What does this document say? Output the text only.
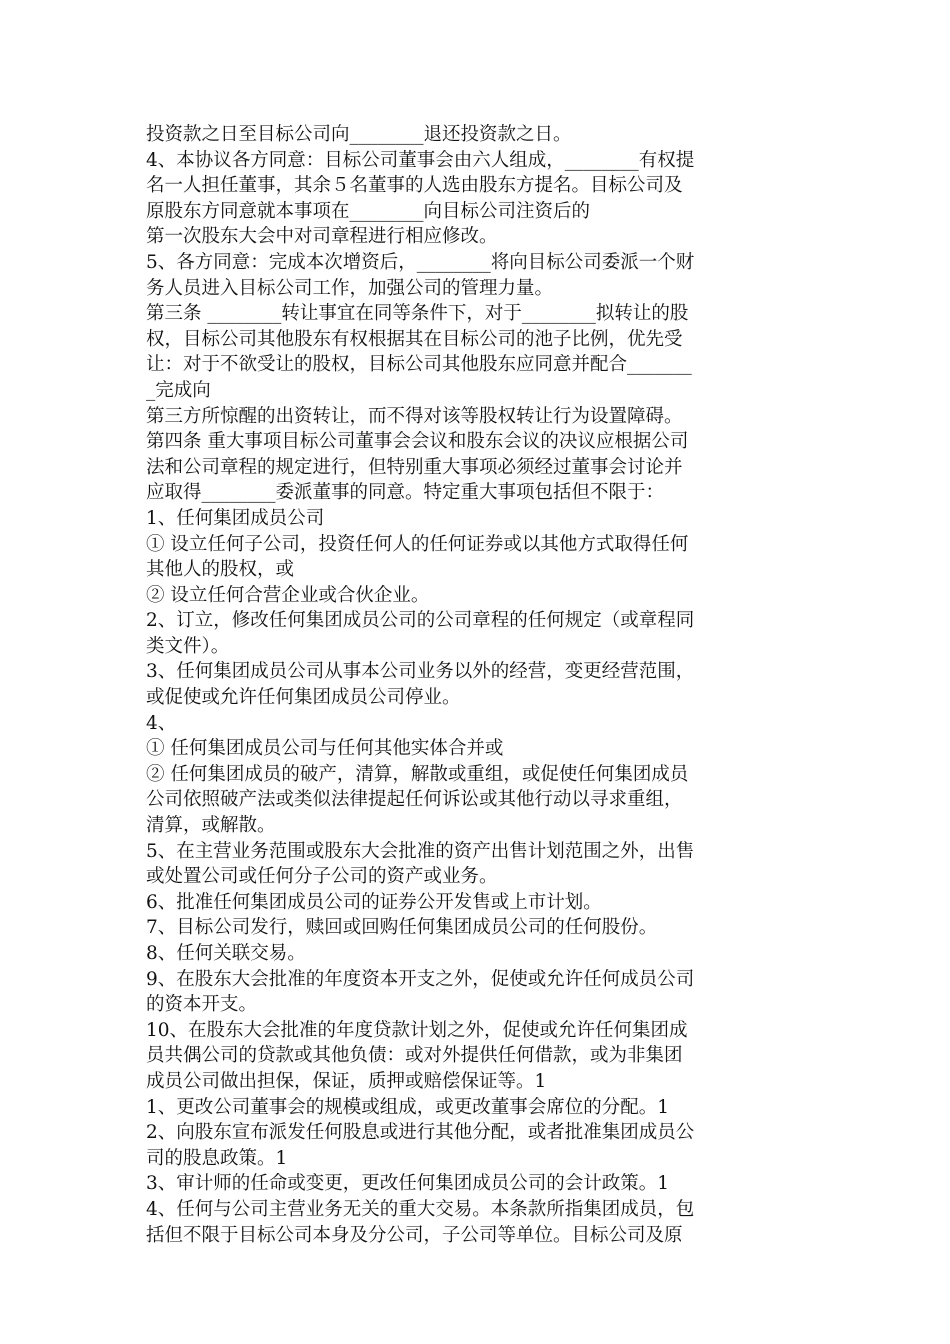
投资款之日至目标公司向________退还投资款之日。
4、本协议各方同意：目标公司董事会由六人组成，________有权提
名一人担任董事，其余５名董事的人选由股东方提名。目标公司及
原股东方同意就本事项在________向目标公司注资后的
第一次股东大会中对司章程进行相应修改。
5、各方同意：完成本次增资后，________将向目标公司委派一个财
务人员进入目标公司工作，加强公司的管理力量。
第三条 ________转让事宜在同等条件下，对于________拟转让的股
权，目标公司其他股东有权根据其在目标公司的池子比例，优先受
让：对于不欲受让的股权，目标公司其他股东应同意并配合_______
_完成向
第三方所惊醒的出资转让，而不得对该等股权转让行为设置障碍。
第四条 重大事项目标公司董事会会议和股东会议的决议应根据公司
法和公司章程的规定进行，但特别重大事项必须经过董事会讨论并
应取得________委派董事的同意。特定重大事项包括但不限于：
1、任何集团成员公司
① 设立任何子公司，投资任何人的任何证券或以其他方式取得任何
其他人的股权，或
② 设立任何合营企业或合伙企业。
2、订立，修改任何集团成员公司的公司章程的任何规定（或章程同
类文件）。
3、任何集团成员公司从事本公司业务以外的经营，变更经营范围，
或促使或允许任何集团成员公司停业。
4、
① 任何集团成员公司与任何其他实体合并或
② 任何集团成员的破产，清算，解散或重组，或促使任何集团成员
公司依照破产法或类似法律提起任何诉讼或其他行动以寻求重组，
清算，或解散。
5、在主营业务范围或股东大会批准的资产出售计划范围之外，出售
或处置公司或任何分子公司的资产或业务。
6、批准任何集团成员公司的证券公开发售或上市计划。
7、目标公司发行，赎回或回购任何集团成员公司的任何股份。
8、任何关联交易。
9、在股东大会批准的年度资本开支之外，促使或允许任何成员公司
的资本开支。
10、在股东大会批准的年度贷款计划之外，促使或允许任何集团成
员共偶公司的贷款或其他负债：或对外提供任何借款，或为非集团
成员公司做出担保，保证，质押或赔偿保证等。1
1、更改公司董事会的规模或组成，或更改董事会席位的分配。1
2、向股东宣布派发任何股息或进行其他分配，或者批准集团成员公
司的股息政策。1
3、审计师的任命或变更，更改任何集团成员公司的会计政策。1
4、任何与公司主营业务无关的重大交易。本条款所指集团成员，包
括但不限于目标公司本身及分公司，子公司等单位。目标公司及原
